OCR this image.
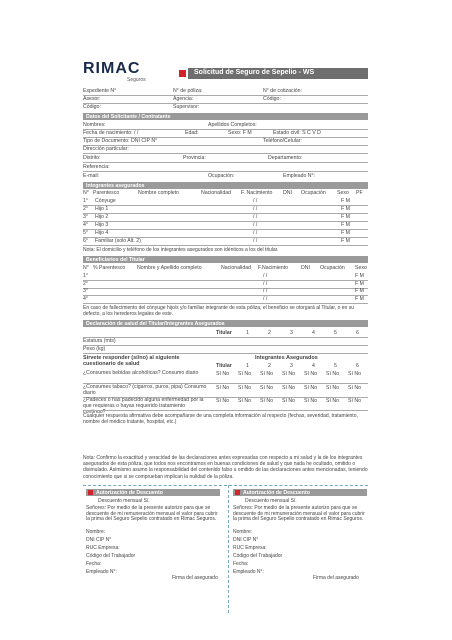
RIMAC
Seguros
Solicitud de Seguro de Sepelio - WS
Expediente N°	N° de póliza:	N° de cotización:
Asesor:	Agencia:	Código:
Código:	Supervisor:
Datos del Solicitante / Contratante
Nombres:	Apellidos Completos:
Fecha de nacimiento: / /	Edad:	Sexo: F M	Estado civil: S C V D
Tipo de Documento: DNI CIP N°	Teléfono/Celular:
Dirección particular:
Distrito:	Provincia:	Departamento:
Referencia:
E-mail:	Ocupación:	Empleado N°:
Integrantes asegurados
N° Parentesco	Nombre completo	Nacionalidad F. Nacimiento DNI Ocupación Sexo PF
1° Cónyuge	/ /	F M
2° Hijo 1	/ /	F M
3° Hijo 2	/ /	F M
4° Hijo 3	/ /	F M
5° Hijo 4	/ /	F M
6° Familiar (solo Alt. 2)	/ /	F M
Nota: El domicilio y teléfono de los integrantes asegurados son idénticos a los del titular.
Beneficiarios del Titular
N° % Parentesco Nombre y Apellido completo	Nacionalidad F.Nacimiento	DNI Ocupación Sexo
1°	/ /	F M
2°	/ /	F M
3°	/ /	F M
4°	/ /	F M
En caso de fallecimiento del cónyuge hijo/s y/o familiar integrante de esta póliza, el beneficio se otorgará al Titular, o en su defecto, a los herederos legales de este.
Declaración de salud del Titular/Integrantes Asegurados
Titular	1	2	3	4	5	6
Estatura (mts)
Peso (kg)
Sírvete responder (sí/no) al siguiente cuestionario de salud
Integrantes Asegurados
Titular	1	2	3	4	5	6
¿Consumes bebidas alcohólicas? Consumo diario	Sí No	Sí No	Sí No	Sí No	Sí No	Sí No	Sí No
¿Consumes tabaco? (cigarros, puros, pipa) Consumo diario
Sí No	Sí No	Sí No	Sí No	Sí No	Sí No	Sí No
¿Padeces o has padecido alguna enfermedad por la que requieras o hayas requerido tratamiento continuo?
Sí No	Sí No	Sí No	Sí No	Sí No	Sí No	Sí No
Cualquier respuesta afirmativa debe acompañarse de una completa información al respecto (fechas, severidad, tratamiento, nombre del médico tratante, hospital, etc.)
Nota: Confirmo la exactitud y veracidad de las declaraciones antes expresadas con respecto a mi salud y la de los integrantes asegurados de esta póliza, que todos nos encontramos en buenas condiciones de salud y que nada he ocultado, omitido o disimulado. Asimismo asumo la responsabilidad del contenido falso u omitido de las declaraciones antes mencionadas, teniendo conocimiento que si se comprueban implican la nulidad de la póliza.
Autorización de Descuento
Descuento mensual S/.
Señores: Por medio de la presente autorizo para que se descuente de mi remuneración mensual el valor para cubrir la prima del Seguro Sepelio contratado en Rimac Seguros.
Nombre:
DNI CIP N°
RUC Empresa:
Código del Trabajador
Fecha:
Empleado N°:
Firma del asegurado
Autorización de Descuento
Descuento mensual S/.
Señores: Por medio de la presente autorizo para que se descuente de mi remuneración mensual el valor para cubrir la prima del Seguro Sepelio contratado en Rimac Seguros.
Nombre:
DNI CIP N°
RUC Empresa:
Código del Trabajador
Fecha:
Empleado N°:
Firma del asegurado
